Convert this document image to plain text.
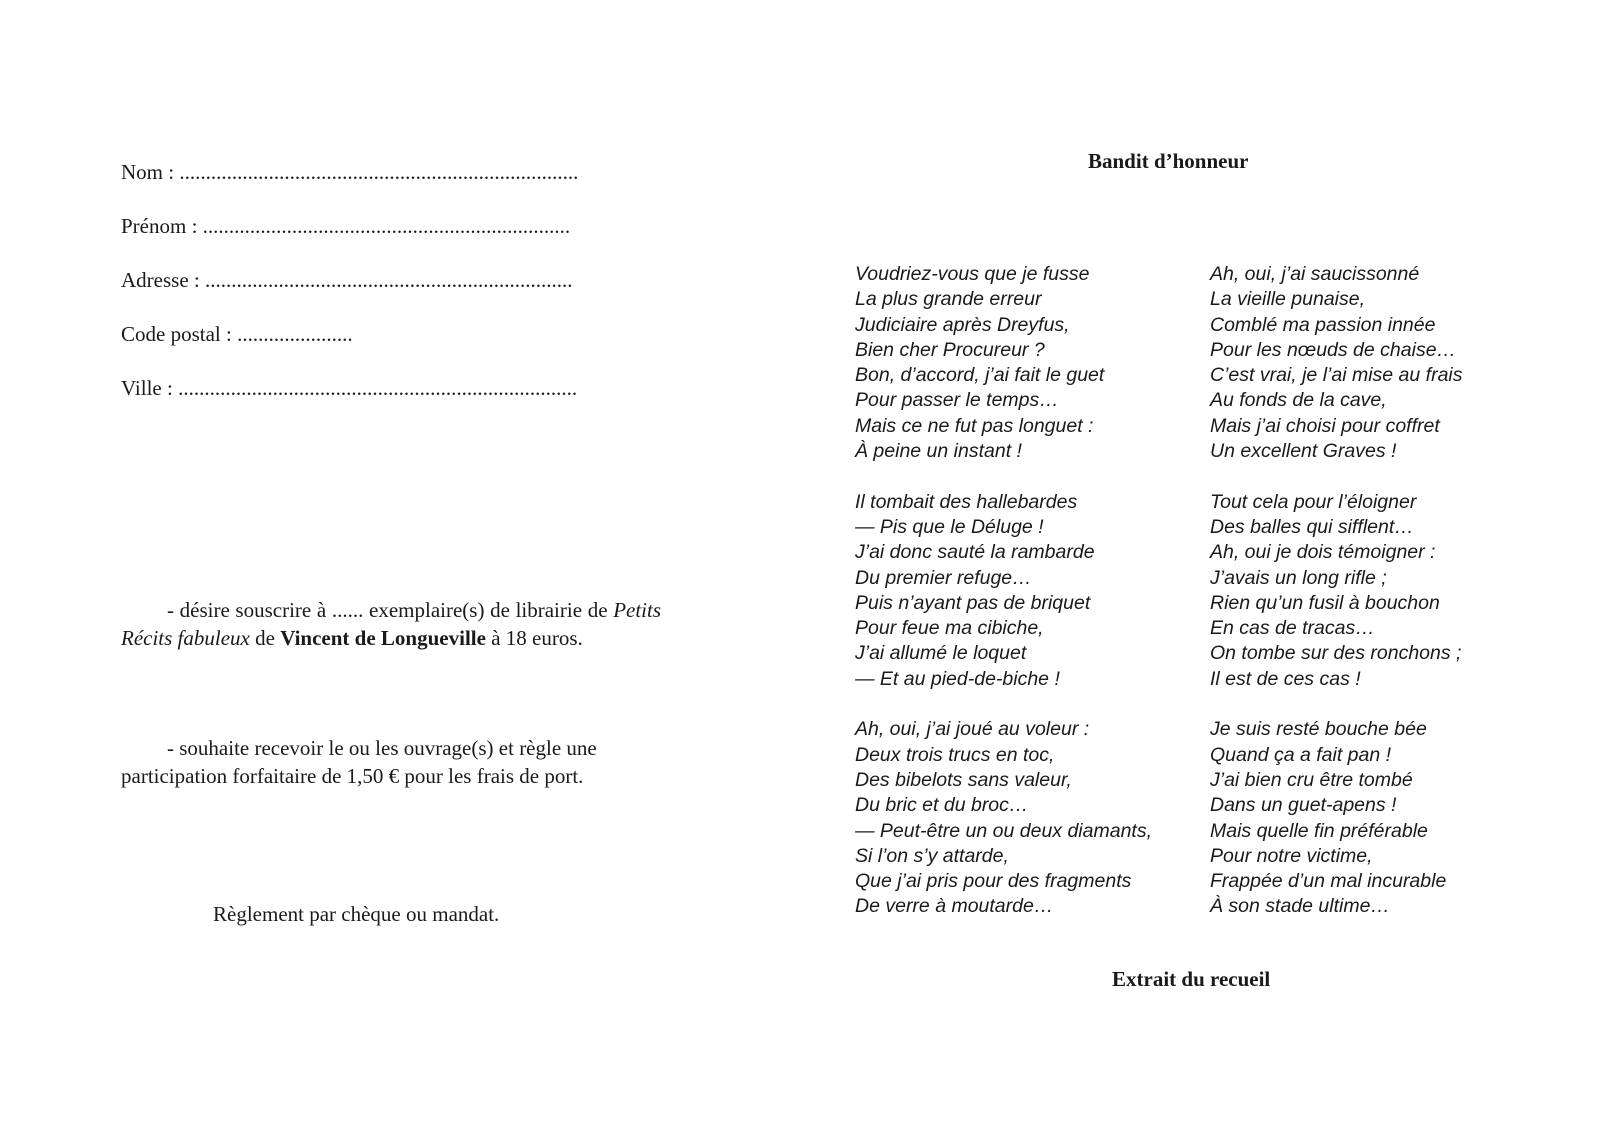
Nom : ............................................................................
Prénom : ......................................................................
Adresse : ......................................................................
Code postal : ......................
Ville : ............................................................................
- désire souscrire à ...... exemplaire(s) de librairie de Petits Récits fabuleux de Vincent de Longueville à 18 euros.
- souhaite recevoir le ou les ouvrage(s) et règle une participation forfaitaire de 1,50 € pour les frais de port.
Règlement par chèque ou mandat.
Bandit d’honneur
Voudriez-vous que je fusse
La plus grande erreur
Judiciaire après Dreyfus,
Bien cher Procureur ?
Bon, d’accord, j’ai fait le guet
Pour passer le temps…
Mais ce ne fut pas longuet :
À peine un instant !
Il tombait des hallebardes
— Pis que le Déluge !
J’ai donc sauté la rambarde
Du premier refuge…
Puis n’ayant pas de briquet
Pour feue ma cibiche,
J’ai allumé le loquet
— Et au pied-de-biche !
Ah, oui, j’ai joué au voleur :
Deux trois trucs en toc,
Des bibelots sans valeur,
Du bric et du broc…
— Peut-être un ou deux diamants,
Si l’on s’y attarde,
Que j’ai pris pour des fragments
De verre à moutarde…
Ah, oui, j’ai saucissonné
La vieille punaise,
Comblé ma passion innée
Pour les nœuds de chaise…
C’est vrai, je l’ai mise au frais
Au fonds de la cave,
Mais j’ai choisi pour coffret
Un excellent Graves !
Tout cela pour l’éloigner
Des balles qui sifflent…
Ah, oui je dois témoigner :
J’avais un long rifle ;
Rien qu’un fusil à bouchon
En cas de tracas…
On tombe sur des ronchons ;
Il est de ces cas !
Je suis resté bouche bée
Quand ça a fait pan !
J’ai bien cru être tombé
Dans un guet-apens !
Mais quelle fin préférable
Pour notre victime,
Frappée d’un mal incurable
À son stade ultime…
Extrait du recueil
